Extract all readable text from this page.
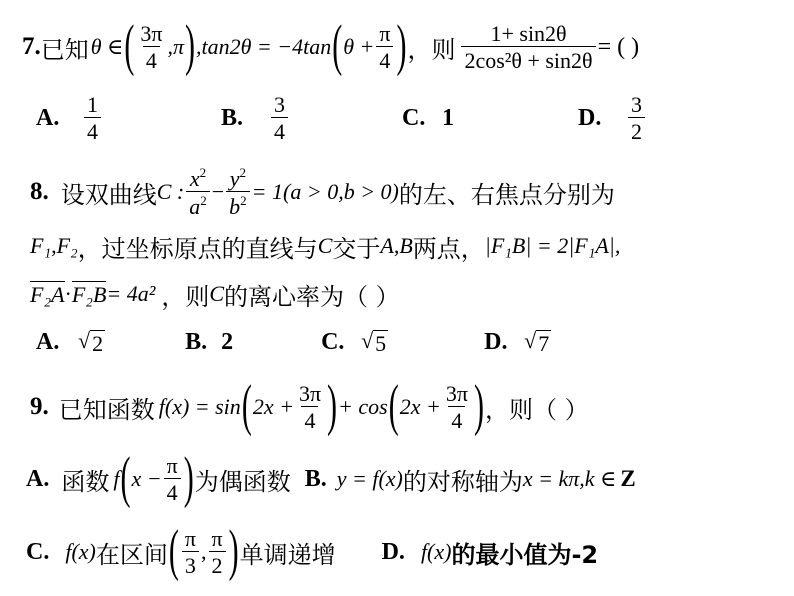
7. 已知 θ ∈ ( $\frac{3\pi}{4} ,\pi$ ) ,tan2θ = −4tan ( $\theta + \frac{\pi}{4}$ ) ，则 $\frac{1+ \sin 2\theta}{\text{2cos²θ + sin2θ}}$ = ( )
A.	$\frac{1}{4}$	B.	$\frac{3}{4}$	C. 1	D.	$\frac{3}{2}$
8. 设双曲线 C : $\frac{x^2}{a^2} - \frac{y^2}{b^2} = 1(a > 0,b > 0)$ 的左、右焦点分别为
F₁,F₂ ，过坐标原点的直线与 C 交于 A,B 两点， |F₁B| = 2|F₁A|,
F₂A · F₂B = 4a² ，则 C 的离心率为（ ）
A. √ 2	B. 2	C. √ 5	D. √ 7
9. 已知函数 f(x) = sin ( $2x + \frac{3\pi}{4}$ ) + cos ( $2x + \frac{3\pi}{4}$ ) ，则（ ）
A. 函数 f ( $x - \frac{\pi}{4}$ ) 为偶函数 B. y = f(x) 的对称轴为 x = kπ,k ∈ Z
C. f(x) 在区间 ( $\frac{\pi}{3}$ , $\frac{\pi}{2}$ ) 单调递增 D. f(x) 的最小值为-2
